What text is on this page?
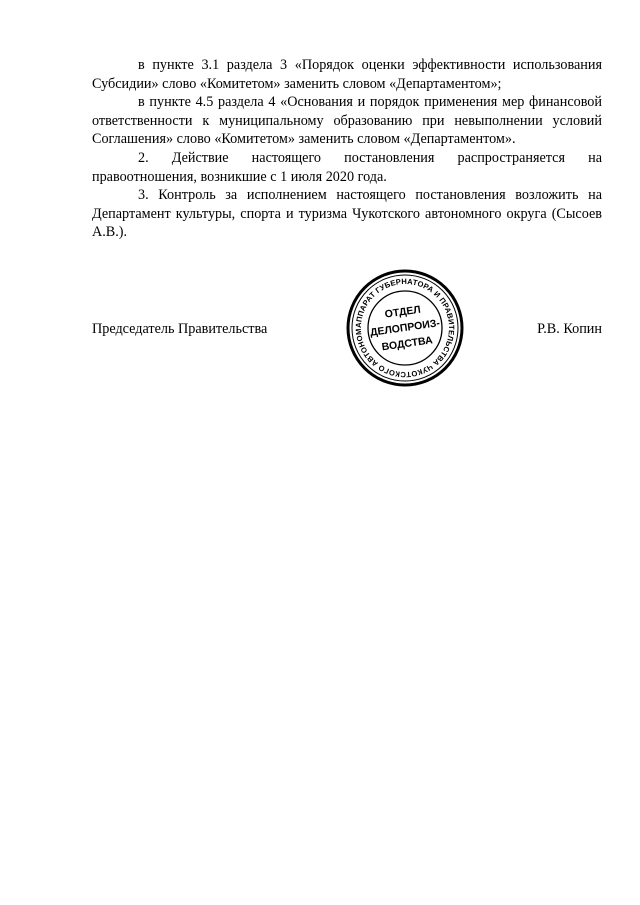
в пункте 3.1 раздела 3 «Порядок оценки эффективности использования Субсидии» слово «Комитетом» заменить словом «Департаментом»;

в пункте 4.5 раздела 4 «Основания и порядок применения мер финансовой ответственности к муниципальному образованию при невыполнении условий Соглашения» слово «Комитетом» заменить словом «Департаментом».

2. Действие настоящего постановления распространяется на правоотношения, возникшие с 1 июля 2020 года.

3. Контроль за исполнением настоящего постановления возложить на Департамент культуры, спорта и туризма Чукотского автономного округа (Сысоев А.В.).

Председатель Правительства	Р.В. Копин
АППАРАТ ГУБЕРНАТОРА И ПРАВИТЕЛЬСТВА ЧУКОТСКОГО АВТОНОМ
ОТДЕЛ
ДЕЛОПРОИЗ-
ВОДСТВА
